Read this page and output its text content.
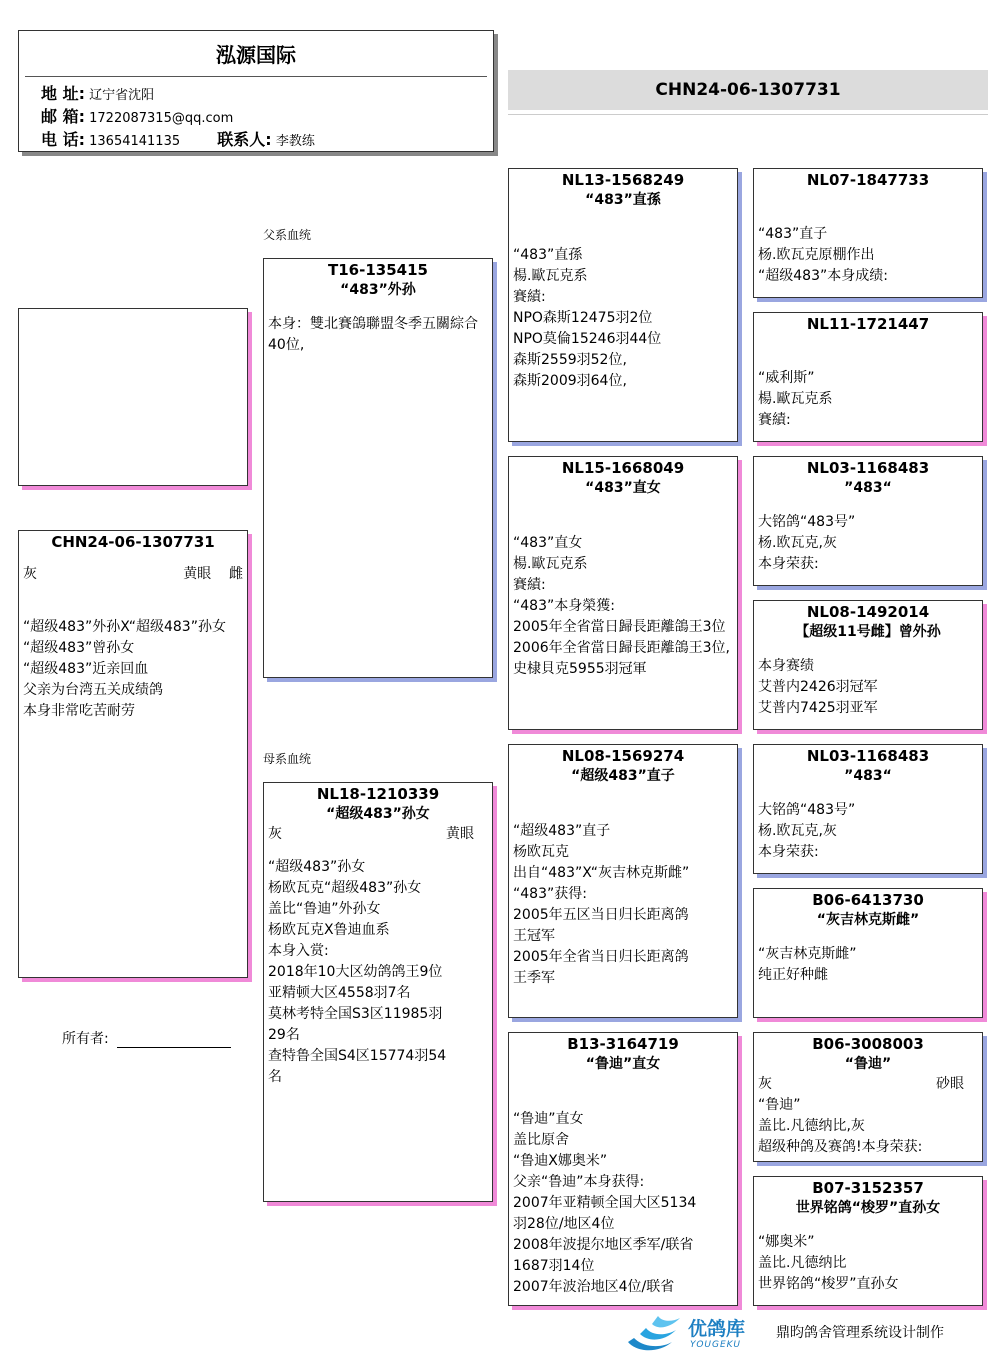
泓源国际
地 址: 辽宁省沈阳
邮 箱: 1722087315@qq.com
电 话: 13654141135 联系人: 李教练
CHN24-06-1307731
CHN24-06-1307731
灰	黄眼 雌
“超级483”外孙X“超级483”孙女
“超级483”曾孙女
“超级483”近亲回血
父亲为台湾五关成绩鸽
本身非常吃苦耐劳
所有者:
父系血统
母系血统
T16-135415
“483”外孙
本身：雙北賽鴿聯盟冬季五關綜合40位,
NL18-1210339
“超级483”孙女
灰	黄眼
“超级483”孙女
杨欧瓦克“超级483”孙女
盖比“鲁迪”外孙女
杨欧瓦克X鲁迪血系
本身入赏:
2018年10大区幼鸽鸽王9位
亚精顿大区4558羽7名
莫林考特全国S3区11985羽29名
查特鲁全国S4区15774羽54名
NL13-1568249
“483”直孫
“483”直孫
楊.歐瓦克系
賽績:
NPO森斯12475羽2位
NPO莫倫15246羽44位
森斯2559羽52位,
森斯2009羽64位,
NL15-1668049
“483”直女
“483”直女
楊.歐瓦克系
賽績:
“483”本身榮獲:
2005年全省當日歸長距離鴿王3位
2006年全省當日歸長距離鴿王3位,
史棣貝克5955羽冠軍
NL08-1569274
“超级483”直子
“超级483”直子
杨欧瓦克
出自“483”X“灰吉林克斯雌”
“483”获得:
2005年五区当日归长距离鸽王冠军
2005年全省当日归长距离鸽王季军
B13-3164719
“鲁迪”直女
“鲁迪”直女
盖比原舍
“鲁迪X娜奥米”
父亲“鲁迪”本身获得:
2007年亚精顿全国大区5134羽28位/地区4位
2008年波提尔地区季军/联省1687羽14位
2007年波治地区4位/联省
NL07-1847733
“483”直子
杨.欧瓦克原棚作出
“超级483”本身成绩:
NL11-1721447
“威利斯”
楊.歐瓦克系
賽績:
NL03-1168483
”483“
大铭鸽“483号”
杨.欧瓦克,灰
本身荣获:
NL08-1492014
【超级11号雌】曾外孙
本身赛绩
艾普内2426羽冠军
艾普内7425羽亚军
NL03-1168483
”483“
大铭鸽“483号”
杨.欧瓦克,灰
本身荣获:
B06-6413730
“灰吉林克斯雌”
“灰吉林克斯雌”
纯正好种雌
B06-3008003
“鲁迪”
灰	砂眼
“鲁迪”
盖比.凡德纳比,灰
超级种鸽及赛鸽!本身荣获:
B07-3152357
世界铭鸽“梭罗”直孙女
“娜奥米”
盖比.凡德纳比
世界铭鸽“梭罗”直孙女
优鸽库
YOUGEKU
鼎昀鸽舍管理系统设计制作
